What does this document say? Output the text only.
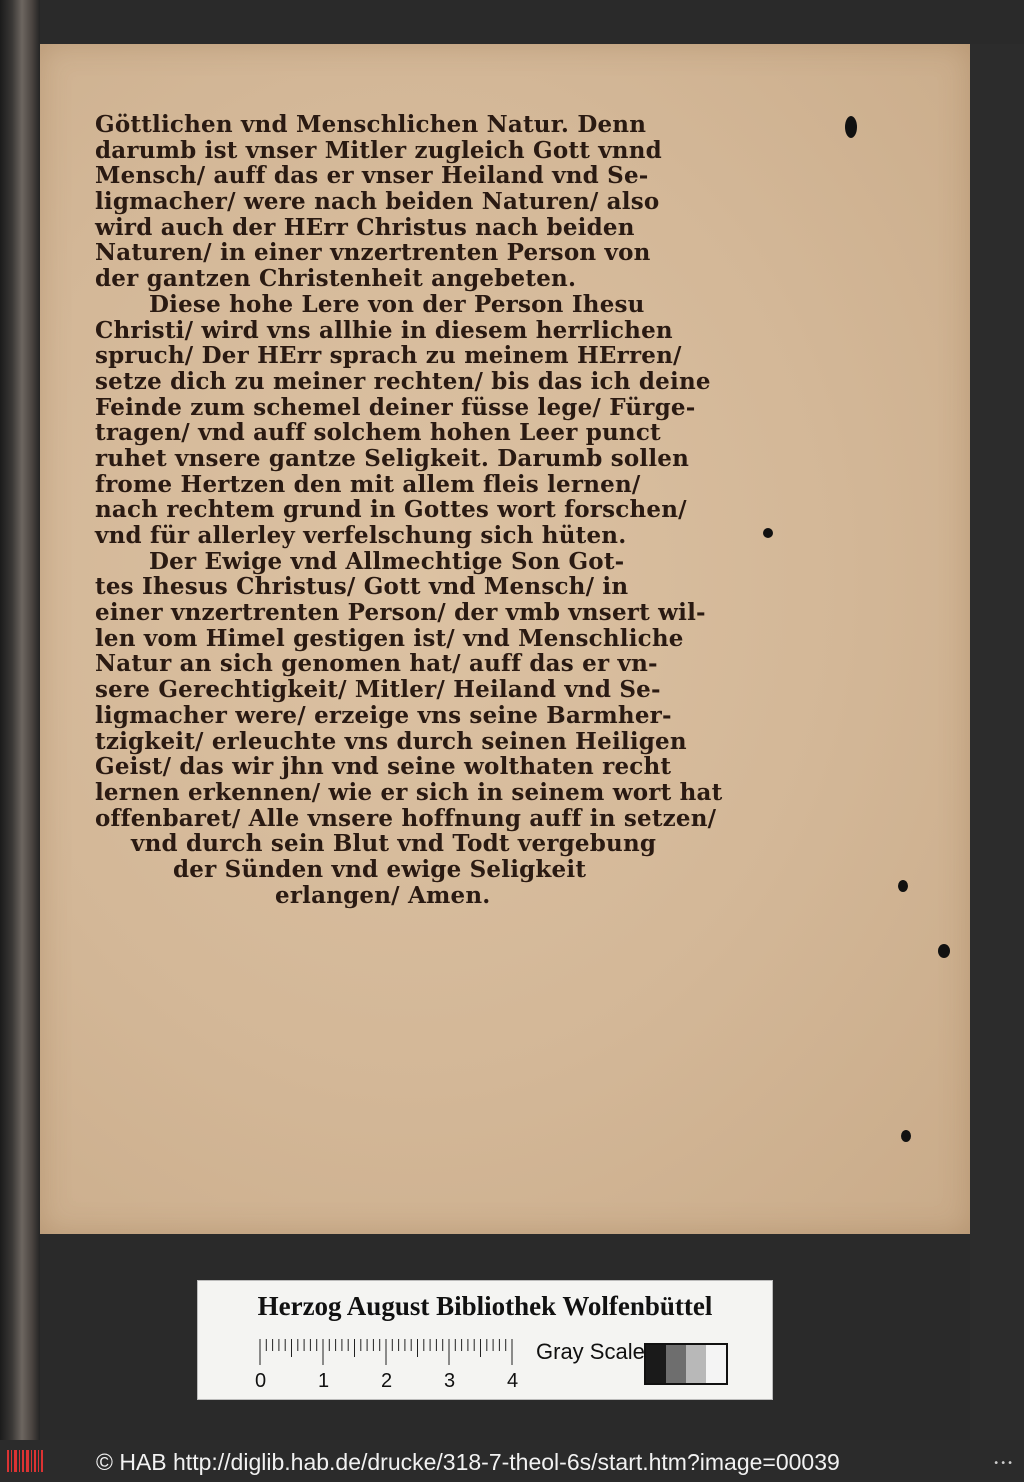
Göttlichen vnd Menschlichen Natur. Denn
darumb ist vnser Mitler zugleich Gott vnnd
Mensch/ auff das er vnser Heiland vnd Se-
ligmacher/ were nach beiden Naturen/ also
wird auch der HErr Christus nach beiden
Naturen/ in einer vnzertrenten Person von
der gantzen Christenheit angebeten.
Diese hohe Lere von der Person Ihesu
Christi/ wird vns allhie in diesem herrlichen
spruch/ Der HErr sprach zu meinem HErren/
setze dich zu meiner rechten/ bis das ich deine
Feinde zum schemel deiner füsse lege/ Fürge-
tragen/ vnd auff solchem hohen Leer punct
ruhet vnsere gantze Seligkeit. Darumb sollen
frome Hertzen den mit allem fleis lernen/
nach rechtem grund in Gottes wort forschen/
vnd für allerley verfelschung sich hüten.
Der Ewige vnd Allmechtige Son Got-
tes Ihesus Christus/ Gott vnd Mensch/ in
einer vnzertrenten Person/ der vmb vnsert wil-
len vom Himel gestigen ist/ vnd Menschliche
Natur an sich genomen hat/ auff das er vn-
sere Gerechtigkeit/ Mitler/ Heiland vnd Se-
ligmacher were/ erzeige vns seine Barmher-
tzigkeit/ erleuchte vns durch seinen Heiligen
Geist/ das wir jhn vnd seine wolthaten recht
lernen erkennen/ wie er sich in seinem wort hat
offenbaret/ Alle vnsere hoffnung auff in setzen/
vnd durch sein Blut vnd Todt vergebung
der Sünden vnd ewige Seligkeit
erlangen/ Amen.
Herzog August Bibliothek Wolfenbüttel
0	1	2	3	4
Gray Scale
© HAB http://diglib.hab.de/drucke/318-7-theol-6s/start.htm?image=00039	•••
